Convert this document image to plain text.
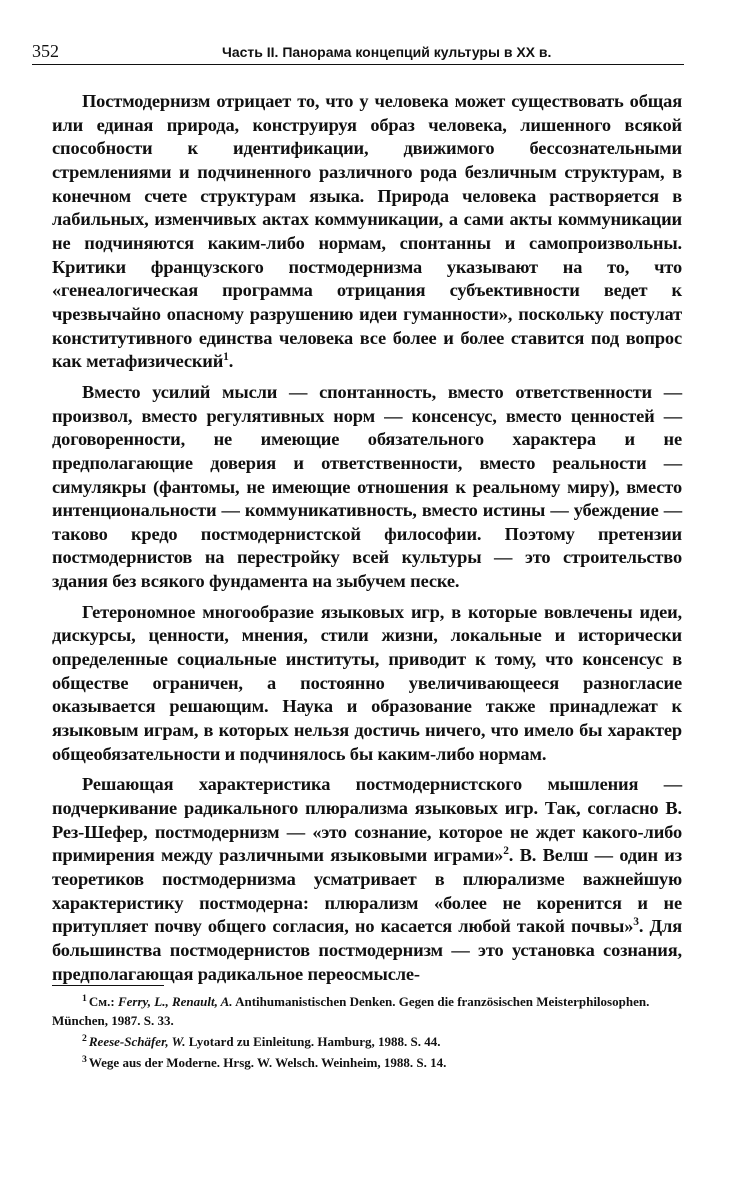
352	Часть II. Панорама концепций культуры в XX в.

Постмодернизм отрицает то, что у человека может существовать общая или единая природа, конструируя образ человека, лишенного всякой способности к идентификации, движимого бессознательными стремлениями и подчиненного различного рода безличным структурам, в конечном счете структурам языка. Природа человека растворяется в лабильных, изменчивых актах коммуникации, а сами акты коммуникации не подчиняются каким-либо нормам, спонтанны и самопроизвольны. Критики французского постмодернизма указывают на то, что «генеалогическая программа отрицания субъективности ведет к чрезвычайно опасному разрушению идеи гуманности», поскольку постулат конститутивного единства человека все более и более ставится под вопрос как метафизический$^1$.

Вместо усилий мысли — спонтанность, вместо ответственности — произвол, вместо регулятивных норм — консенсус, вместо ценностей — договоренности, не имеющие обязательного характера и не предполагающие доверия и ответственности, вместо реальности — симулякры (фантомы, не имеющие отношения к реальному миру), вместо интенциональности — коммуникативность, вместо истины — убеждение — таково кредо постмодернистской философии. Поэтому претензии постмодернистов на перестройку всей культуры — это строительство здания без всякого фундамента на зыбучем песке.

Гетерономное многообразие языковых игр, в которые вовлечены идеи, дискурсы, ценности, мнения, стили жизни, локальные и исторически определенные социальные институты, приводит к тому, что консенсус в обществе ограничен, а постоянно увеличивающееся разногласие оказывается решающим. Наука и образование также принадлежат к языковым играм, в которых нельзя достичь ничего, что имело бы характер общеобязательности и подчинялось бы каким-либо нормам.

Решающая характеристика постмодернистского мышления — подчеркивание радикального плюрализма языковых игр. Так, согласно В. Рез-Шефер, постмодернизм — «это сознание, которое не ждет какого-либо примирения между различными языковыми играми»$^2$. В. Велш — один из теоретиков постмодернизма усматривает в плюрализме важнейшую характеристику постмодерна: плюрализм «более не коренится и не притупляет почву общего согласия, но касается любой такой почвы»$^3$. Для большинства постмодернистов постмодернизм — это установка сознания, предполагающая радикальное переосмысле-

$^1$ См.: Ferry, L., Renault, A. Antihumanistischen Denken. Gegen die französischen Meisterphilosophen. München, 1987. S. 33.

$^2$ Reese-Schäfer, W. Lyotard zu Einleitung. Hamburg, 1988. S. 44.

$^3$ Wege aus der Moderne. Hrsg. W. Welsch. Weinheim, 1988. S. 14.
